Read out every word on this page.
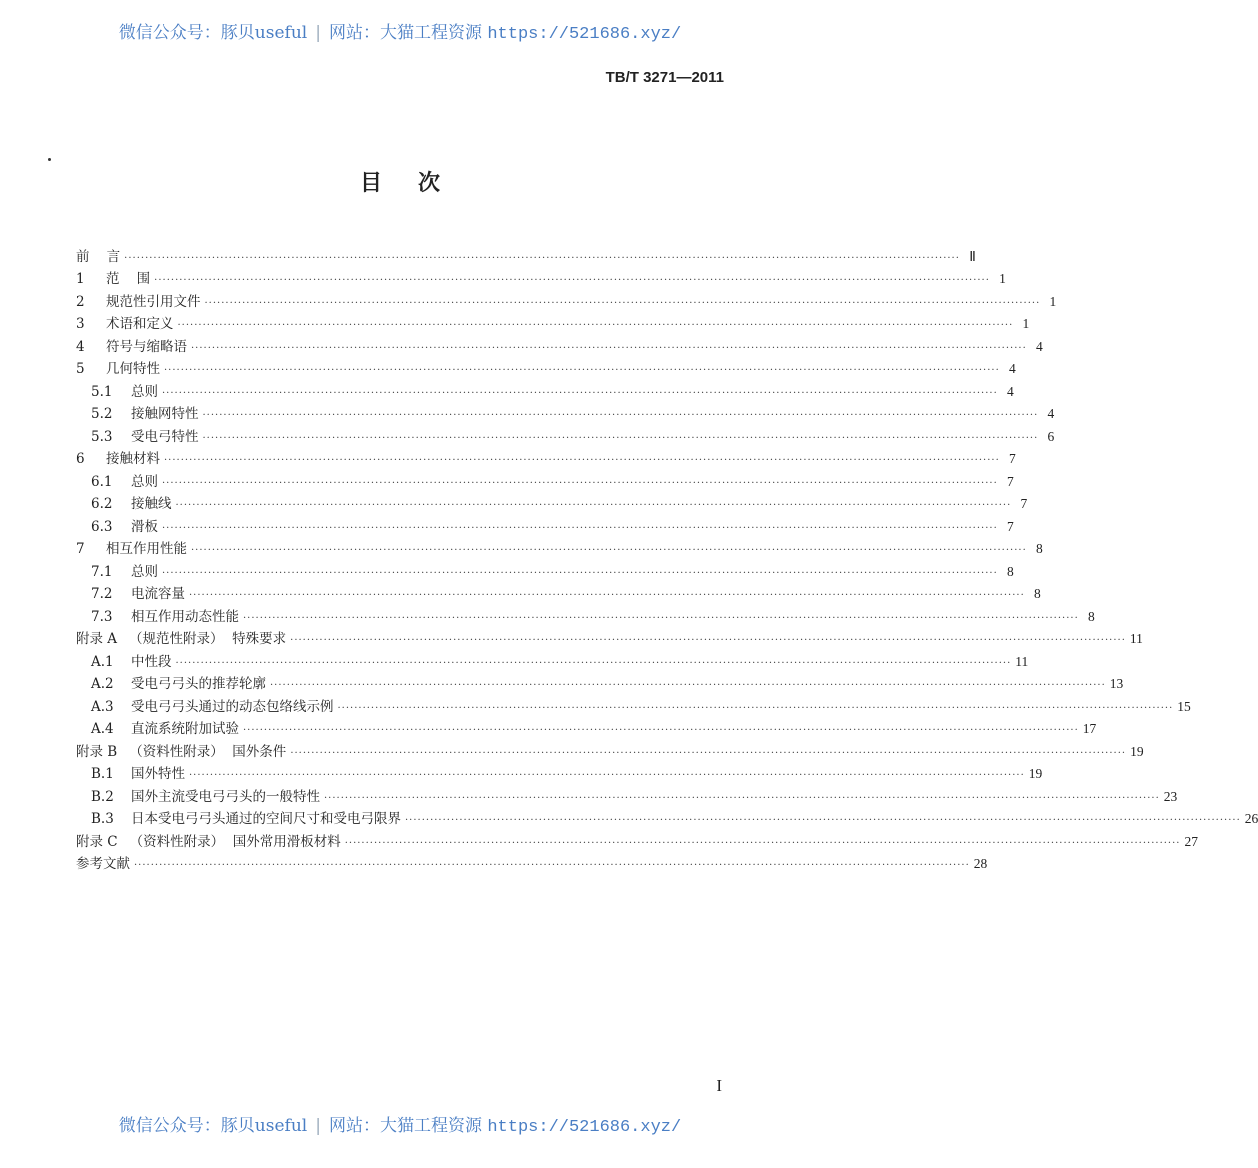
微信公众号：豚贝useful | 网站：大猫工程资源 https://521686.xyz/
TB/T 3271—2011
目次
前    言 ········································································································································································································ Ⅱ
1	范    围 ········································································································································································································ 1
2	规范性引用文件 ········································································································································································································ 1
3	术语和定义 ········································································································································································································ 1
4	符号与缩略语 ········································································································································································································ 4
5	几何特性 ········································································································································································································ 4
5.1	总则 ········································································································································································································ 4
5.2	接触网特性 ········································································································································································································ 4
5.3	受电弓特性 ········································································································································································································ 6
6	接触材料 ········································································································································································································ 7
6.1	总则 ········································································································································································································ 7
6.2	接触线 ········································································································································································································ 7
6.3	滑板 ········································································································································································································ 7
7	相互作用性能 ········································································································································································································ 8
7.1	总则 ········································································································································································································ 8
7.2	电流容量 ········································································································································································································ 8
7.3	相互作用动态性能 ········································································································································································································ 8
附录 A （规范性附录）  特殊要求 ········································································································································································································ 11
A.1	中性段 ········································································································································································································ 11
A.2	受电弓弓头的推荐轮廓 ········································································································································································································ 13
A.3	受电弓弓头通过的动态包络线示例 ········································································································································································································ 15
A.4	直流系统附加试验 ········································································································································································································ 17
附录 B （资料性附录）  国外条件 ········································································································································································································ 19
B.1	国外特性 ········································································································································································································ 19
B.2	国外主流受电弓弓头的一般特性 ········································································································································································································ 23
B.3	日本受电弓弓头通过的空间尺寸和受电弓限界 ········································································································································································································ 26
附录 C （资料性附录）  国外常用滑板材料 ········································································································································································································ 27
参考文献 ········································································································································································································ 28
I
微信公众号：豚贝useful | 网站：大猫工程资源 https://521686.xyz/
